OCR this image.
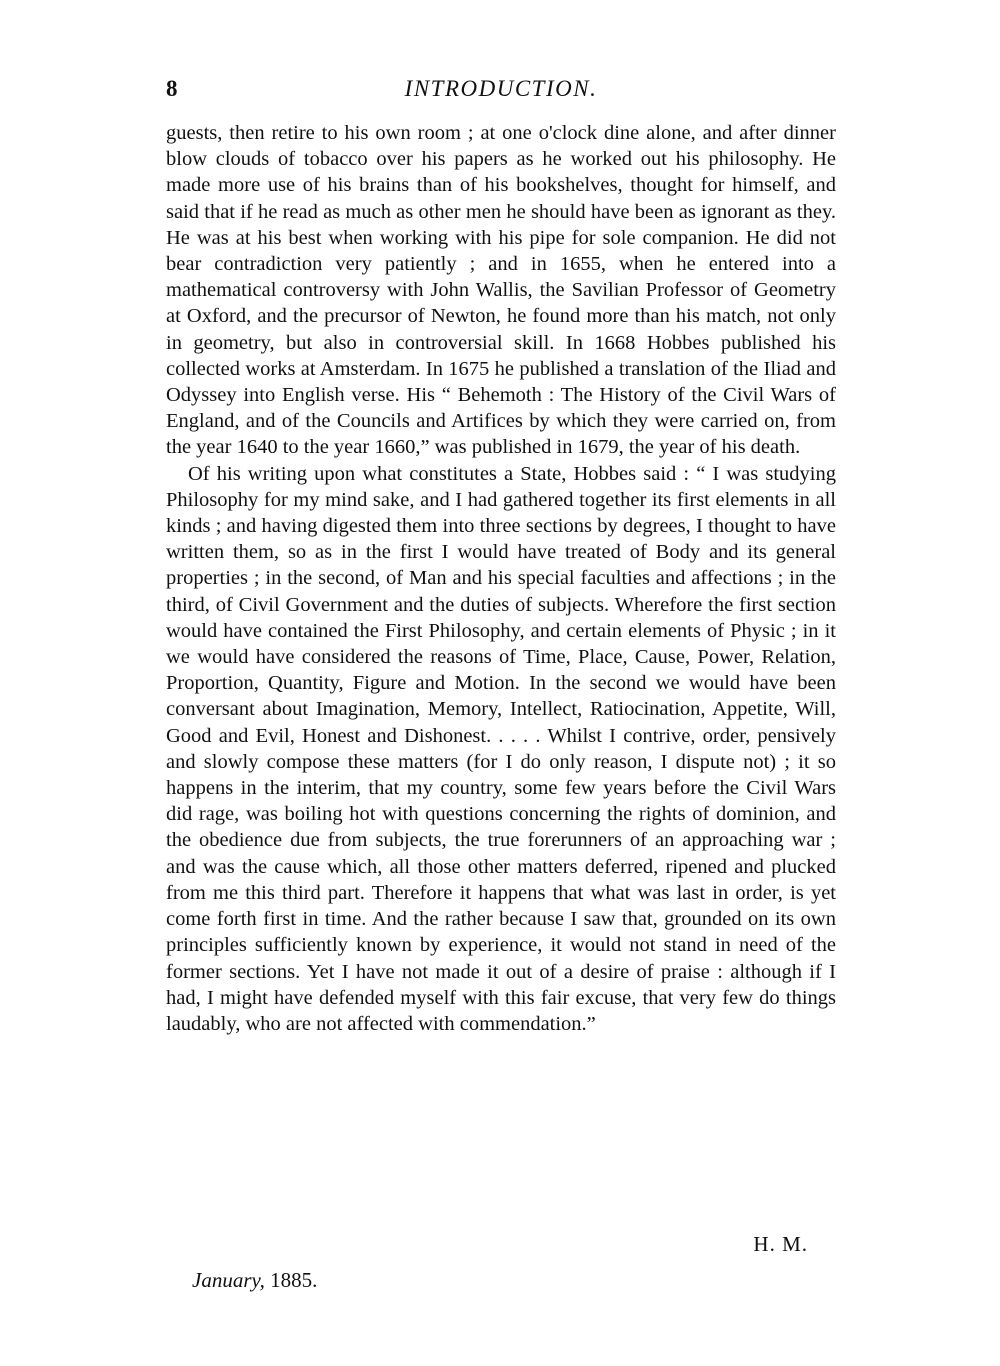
8	INTRODUCTION.

guests, then retire to his own room ; at one o'clock dine alone, and after dinner blow clouds of tobacco over his papers as he worked out his philosophy. He made more use of his brains than of his bookshelves, thought for himself, and said that if he read as much as other men he should have been as ignorant as they. He was at his best when working with his pipe for sole companion. He did not bear contradiction very patiently ; and in 1655, when he entered into a mathematical controversy with John Wallis, the Savilian Professor of Geometry at Oxford, and the precursor of Newton, he found more than his match, not only in geometry, but also in controversial skill. In 1668 Hobbes published his collected works at Amsterdam. In 1675 he published a translation of the Iliad and Odyssey into English verse. His “ Behemoth : The History of the Civil Wars of England, and of the Councils and Artifices by which they were carried on, from the year 1640 to the year 1660,” was published in 1679, the year of his death.

Of his writing upon what constitutes a State, Hobbes said : “ I was studying Philosophy for my mind sake, and I had gathered together its first elements in all kinds ; and having digested them into three sections by degrees, I thought to have written them, so as in the first I would have treated of Body and its general properties ; in the second, of Man and his special faculties and affections ; in the third, of Civil Government and the duties of subjects. Wherefore the first section would have contained the First Philosophy, and certain elements of Physic ; in it we would have considered the reasons of Time, Place, Cause, Power, Relation, Proportion, Quantity, Figure and Motion. In the second we would have been conversant about Imagination, Memory, Intellect, Ratiocination, Appetite, Will, Good and Evil, Honest and Dishonest. . . . . Whilst I contrive, order, pensively and slowly compose these matters (for I do only reason, I dispute not) ; it so happens in the interim, that my country, some few years before the Civil Wars did rage, was boiling hot with questions concerning the rights of dominion, and the obedience due from subjects, the true forerunners of an approaching war ; and was the cause which, all those other matters deferred, ripened and plucked from me this third part. Therefore it happens that what was last in order, is yet come forth first in time. And the rather because I saw that, grounded on its own principles sufficiently known by experience, it would not stand in need of the former sections. Yet I have not made it out of a desire of praise : although if I had, I might have defended myself with this fair excuse, that very few do things laudably, who are not affected with commendation.”

H. M.
January, 1885.
